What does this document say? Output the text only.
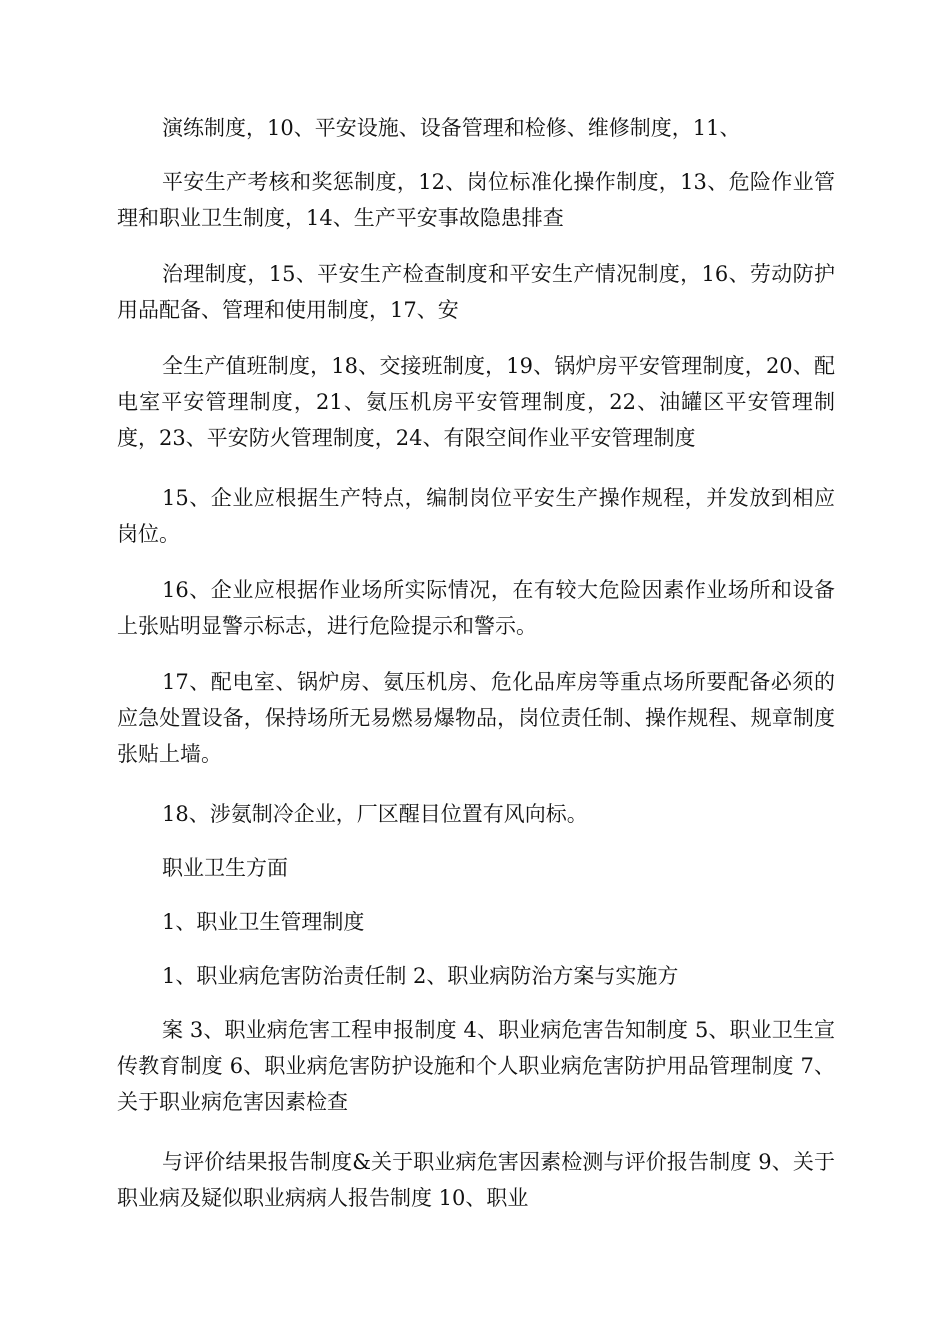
演练制度，10、平安设施、设备管理和检修、维修制度，11、

平安生产考核和奖惩制度，12、岗位标准化操作制度，13、危险作业管理和职业卫生制度，14、生产平安事故隐患排查

治理制度，15、平安生产检查制度和平安生产情况制度，16、劳动防护用品配备、管理和使用制度，17、安

全生产值班制度，18、交接班制度，19、锅炉房平安管理制度，20、配电室平安管理制度，21、氨压机房平安管理制度，22、油罐区平安管理制度，23、平安防火管理制度，24、有限空间作业平安管理制度

15、企业应根据生产特点，编制岗位平安生产操作规程，并发放到相应岗位。

16、企业应根据作业场所实际情况，在有较大危险因素作业场所和设备上张贴明显警示标志，进行危险提示和警示。

17、配电室、锅炉房、氨压机房、危化品库房等重点场所要配备必须的应急处置设备，保持场所无易燃易爆物品，岗位责任制、操作规程、规章制度张贴上墙。

18、涉氨制冷企业，厂区醒目位置有风向标。

职业卫生方面

1、职业卫生管理制度

1、职业病危害防治责任制 2、职业病防治方案与实施方

案 3、职业病危害工程申报制度 4、职业病危害告知制度 5、职业卫生宣传教育制度 6、职业病危害防护设施和个人职业病危害防护用品管理制度 7、关于职业病危害因素检查

与评价结果报告制度&关于职业病危害因素检测与评价报告制度 9、关于职业病及疑似职业病病人报告制度 10、职业
